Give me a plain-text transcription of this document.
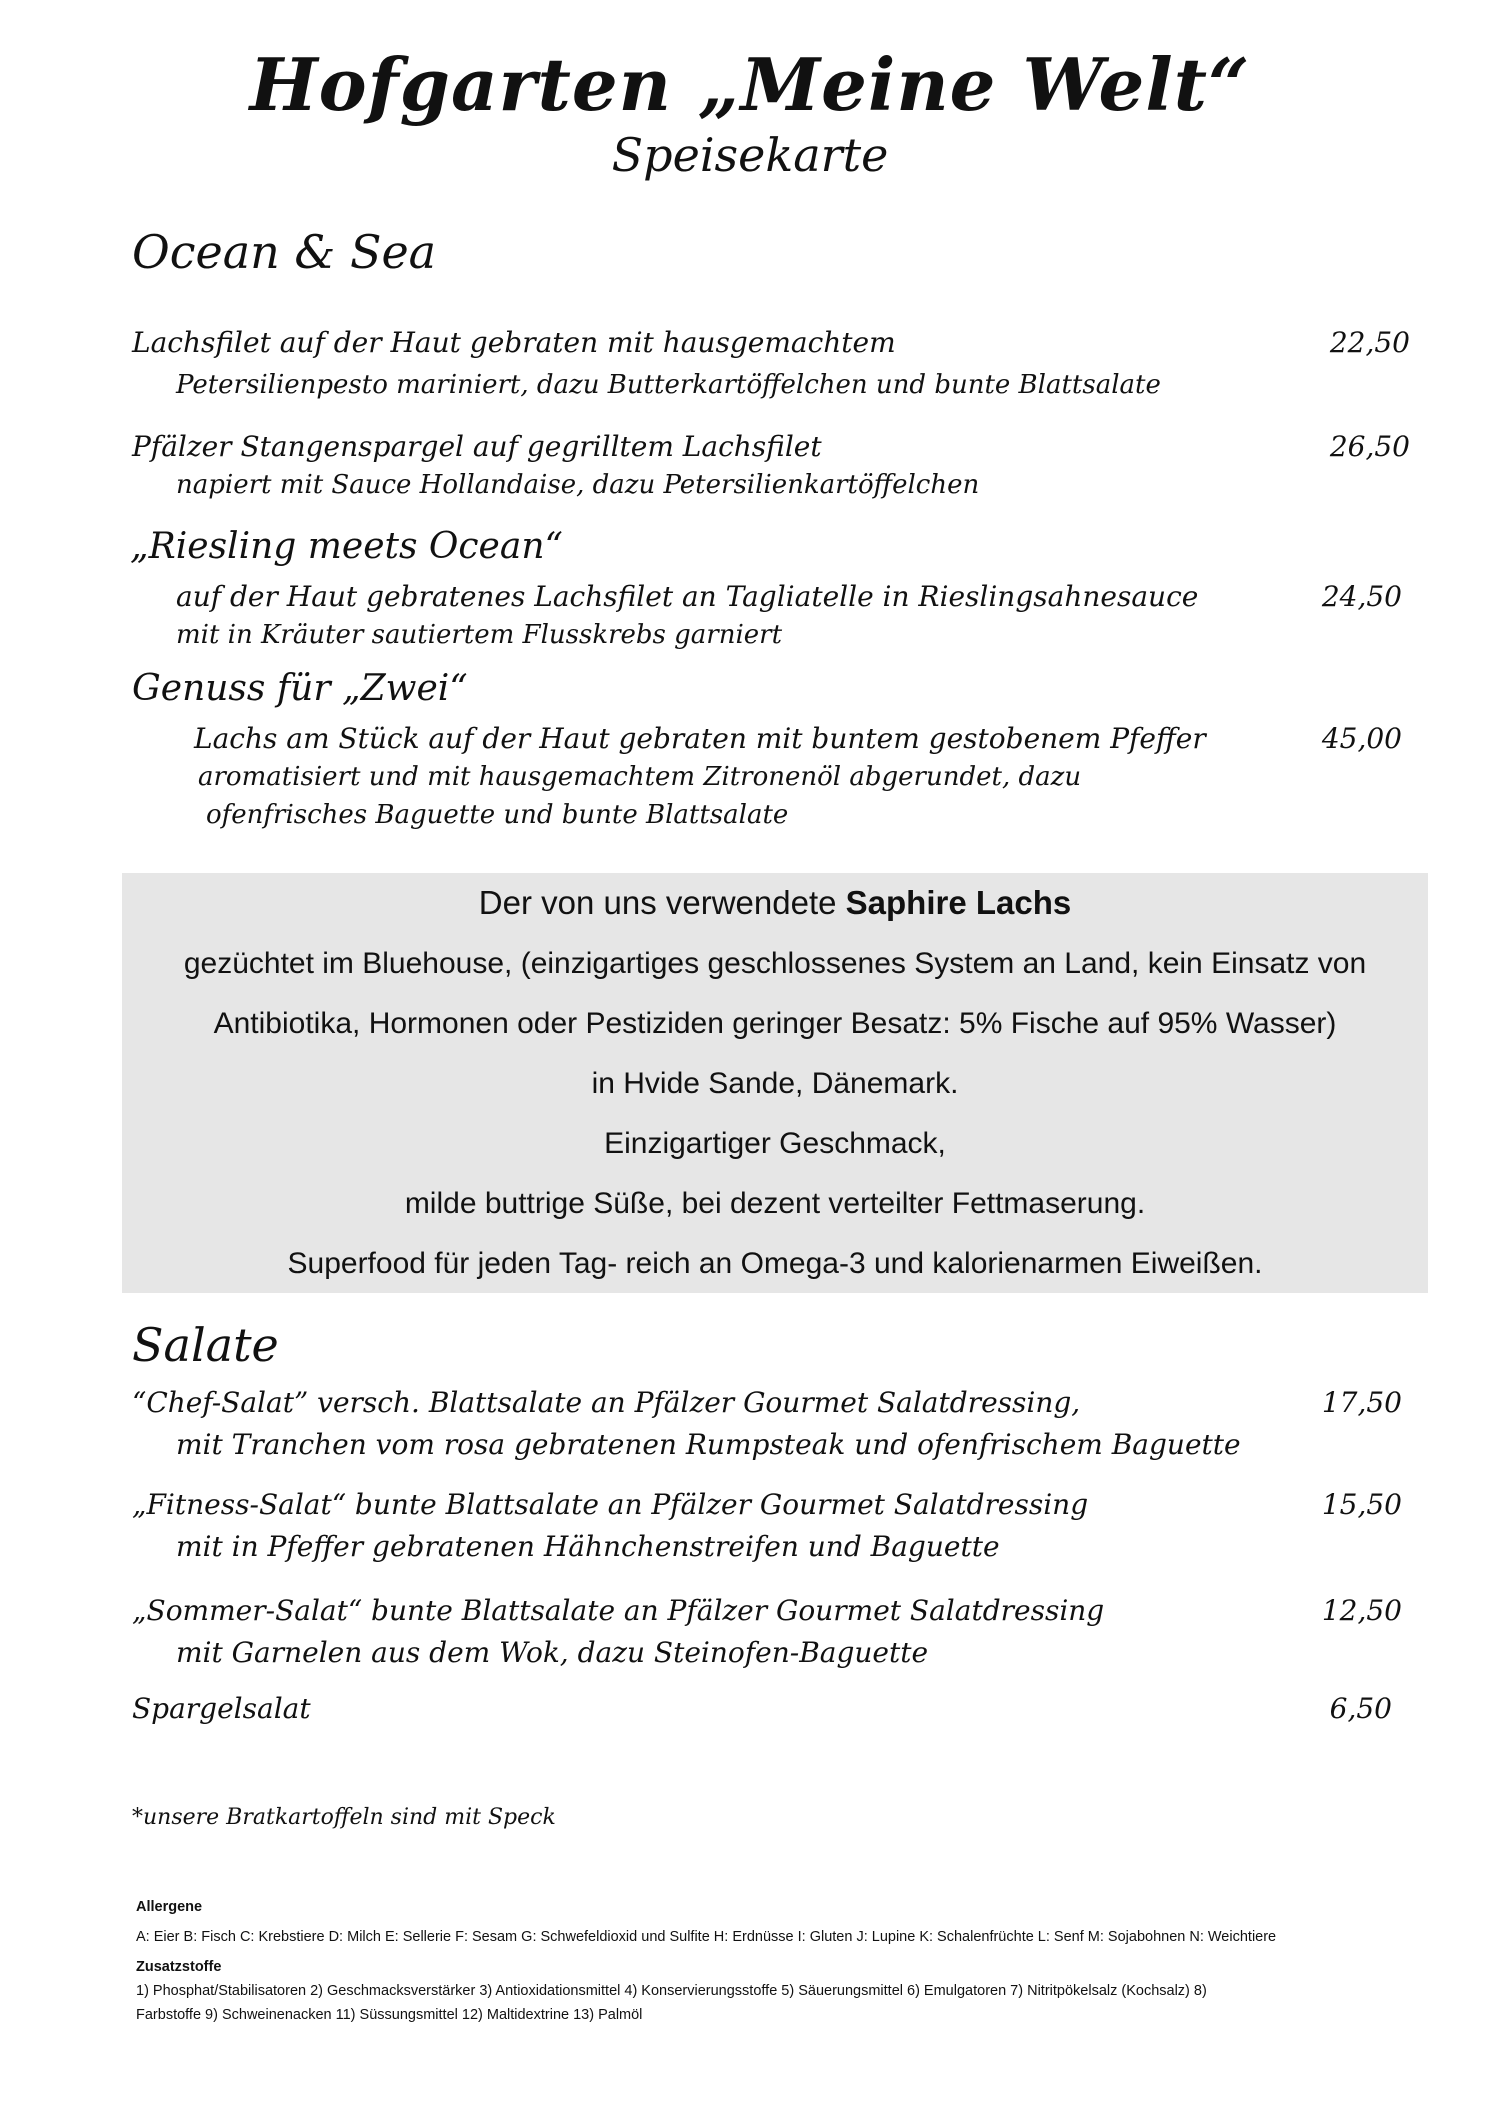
Hofgarten „Meine Welt“
Speisekarte
Ocean & Sea
Lachsfilet auf der Haut gebraten mit hausgemachtem	22,50
Petersilienpesto mariniert, dazu Butterkartöffelchen und bunte Blattsalate
Pfälzer Stangenspargel auf gegrilltem Lachsfilet	26,50
napiert mit Sauce Hollandaise, dazu Petersilienkartöffelchen
„Riesling meets Ocean“
auf der Haut gebratenes Lachsfilet an Tagliatelle in Rieslingsahnesauce	24,50
mit in Kräuter sautiertem Flusskrebs garniert
Genuss für „Zwei“
Lachs am Stück auf der Haut gebraten mit buntem gestobenem Pfeffer	45,00
aromatisiert und mit hausgemachtem Zitronenöl abgerundet, dazu
ofenfrisches Baguette und bunte Blattsalate
Der von uns verwendete Saphire Lachs
gezüchtet im Bluehouse, (einzigartiges geschlossenes System an Land, kein Einsatz von
Antibiotika, Hormonen oder Pestiziden geringer Besatz: 5% Fische auf 95% Wasser)
in Hvide Sande, Dänemark.
Einzigartiger Geschmack,
milde buttrige Süße, bei dezent verteilter Fettmaserung.
Superfood für jeden Tag- reich an Omega-3 und kalorienarmen Eiweißen.
Salate
“Chef-Salat” versch. Blattsalate an Pfälzer Gourmet Salatdressing,	17,50
mit Tranchen vom rosa gebratenen Rumpsteak und ofenfrischem Baguette
„Fitness-Salat“ bunte Blattsalate an Pfälzer Gourmet Salatdressing	15,50
mit in Pfeffer gebratenen Hähnchenstreifen und Baguette
„Sommer-Salat“ bunte Blattsalate an Pfälzer Gourmet Salatdressing	12,50
mit Garnelen aus dem Wok, dazu Steinofen-Baguette
Spargelsalat	6,50
*unsere Bratkartoffeln sind mit Speck
Allergene
A: Eier B: Fisch C: Krebstiere D: Milch E: Sellerie F: Sesam G: Schwefeldioxid und Sulfite H: Erdnüsse I: Gluten J: Lupine K: Schalenfrüchte L: Senf M: Sojabohnen N: Weichtiere
Zusatzstoffe
1) Phosphat/Stabilisatoren 2) Geschmacksverstärker 3) Antioxidationsmittel 4) Konservierungsstoffe 5) Säuerungsmittel 6) Emulgatoren 7) Nitritpökelsalz (Kochsalz) 8)
Farbstoffe 9) Schweinenacken 11) Süssungsmittel 12) Maltidextrine 13) Palmöl
